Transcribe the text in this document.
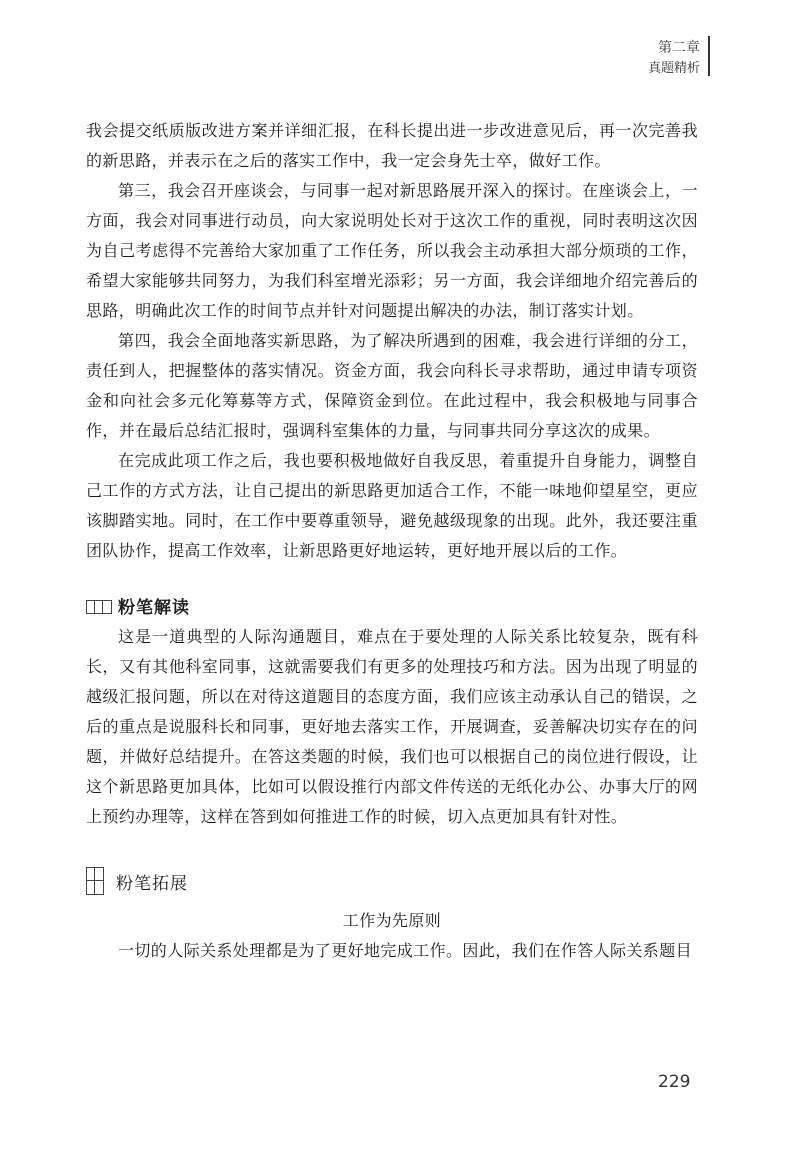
第二章
真题精析

我会提交纸质版改进方案并详细汇报，在科长提出进一步改进意见后，再一次完善我的新思路，并表示在之后的落实工作中，我一定会身先士卒，做好工作。

第三，我会召开座谈会，与同事一起对新思路展开深入的探讨。在座谈会上，一方面，我会对同事进行动员，向大家说明处长对于这次工作的重视，同时表明这次因为自己考虑得不完善给大家加重了工作任务，所以我会主动承担大部分烦琐的工作，希望大家能够共同努力，为我们科室增光添彩；另一方面，我会详细地介绍完善后的思路，明确此次工作的时间节点并针对问题提出解决的办法，制订落实计划。

第四，我会全面地落实新思路，为了解决所遇到的困难，我会进行详细的分工，责任到人，把握整体的落实情况。资金方面，我会向科长寻求帮助，通过申请专项资金和向社会多元化筹募等方式，保障资金到位。在此过程中，我会积极地与同事合作，并在最后总结汇报时，强调科室集体的力量，与同事共同分享这次的成果。

在完成此项工作之后，我也要积极地做好自我反思，着重提升自身能力，调整自己工作的方式方法，让自己提出的新思路更加适合工作，不能一味地仰望星空，更应该脚踏实地。同时，在工作中要尊重领导，避免越级现象的出现。此外，我还要注重团队协作，提高工作效率，让新思路更好地运转，更好地开展以后的工作。

粉笔解读

这是一道典型的人际沟通题目，难点在于要处理的人际关系比较复杂，既有科长，又有其他科室同事，这就需要我们有更多的处理技巧和方法。因为出现了明显的越级汇报问题，所以在对待这道题目的态度方面，我们应该主动承认自己的错误，之后的重点是说服科长和同事，更好地去落实工作，开展调查，妥善解决切实存在的问题，并做好总结提升。在答这类题的时候，我们也可以根据自己的岗位进行假设，让这个新思路更加具体，比如可以假设推行内部文件传送的无纸化办公、办事大厅的网上预约办理等，这样在答到如何推进工作的时候，切入点更加具有针对性。

粉笔拓展
工作为先原则

一切的人际关系处理都是为了更好地完成工作。因此，我们在作答人际关系题目

229
